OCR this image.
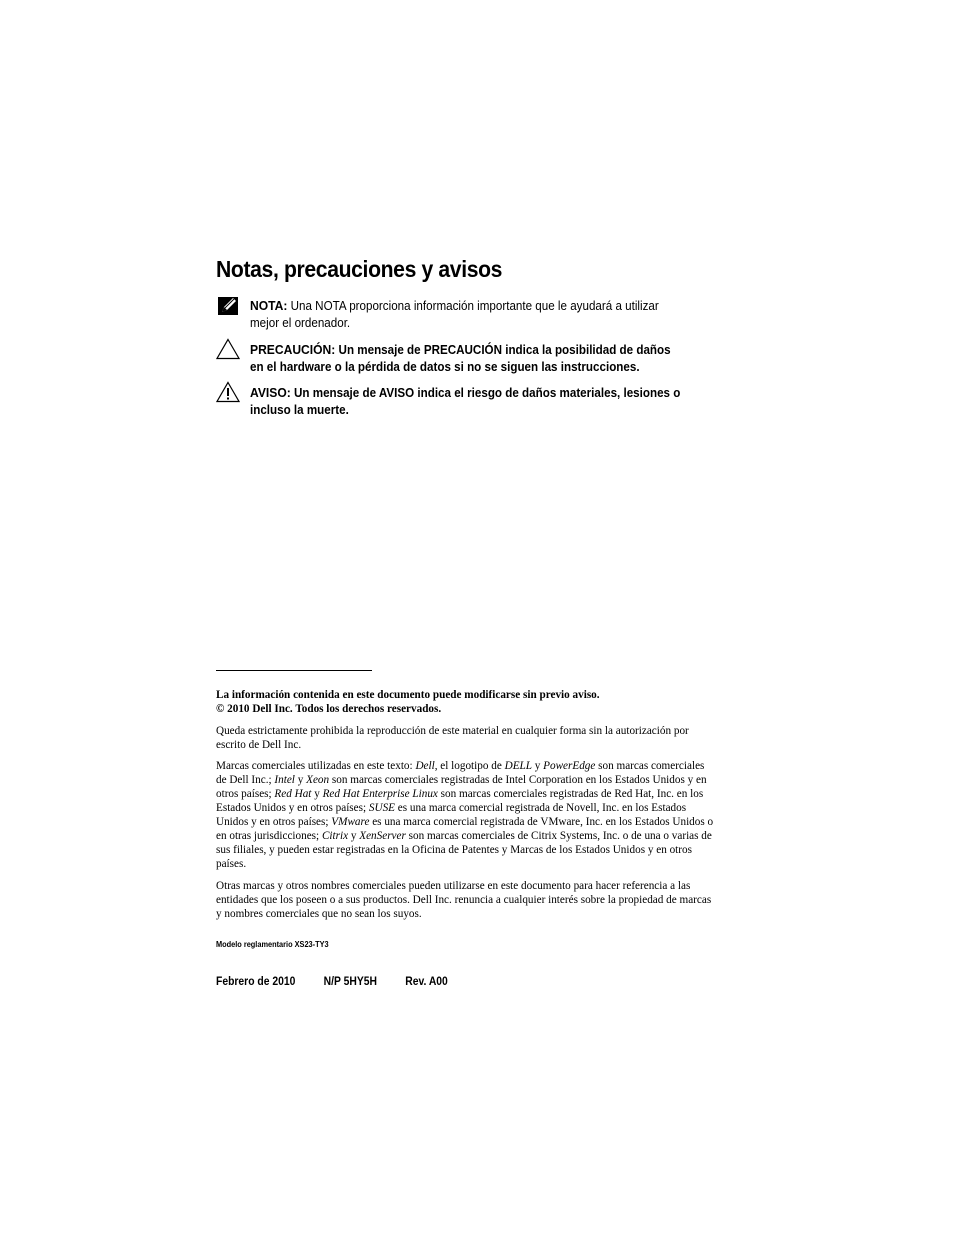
Notas, precauciones y avisos
NOTA: Una NOTA proporciona información importante que le ayudará a utilizar mejor el ordenador.
PRECAUCIÓN: Un mensaje de PRECAUCIÓN indica la posibilidad de daños en el hardware o la pérdida de datos si no se siguen las instrucciones.
AVISO: Un mensaje de AVISO indica el riesgo de daños materiales, lesiones o incluso la muerte.

La información contenida en este documento puede modificarse sin previo aviso.

© 2010 Dell Inc. Todos los derechos reservados.

Queda estrictamente prohibida la reproducción de este material en cualquier forma sin la autorización por escrito de Dell Inc.

Marcas comerciales utilizadas en este texto: Dell, el logotipo de DELL y PowerEdge son marcas comerciales de Dell Inc.; Intel y Xeon son marcas comerciales registradas de Intel Corporation en los Estados Unidos y en otros países; Red Hat y Red Hat Enterprise Linux son marcas comerciales registradas de Red Hat, Inc. en los Estados Unidos y en otros países; SUSE es una marca comercial registrada de Novell, Inc. en los Estados Unidos y en otros países; VMware es una marca comercial registrada de VMware, Inc. en los Estados Unidos o en otras jurisdicciones; Citrix y XenServer son marcas comerciales de Citrix Systems, Inc. o de una o varias de sus filiales, y pueden estar registradas en la Oficina de Patentes y Marcas de los Estados Unidos y en otros países.

Otras marcas y otros nombres comerciales pueden utilizarse en este documento para hacer referencia a las entidades que los poseen o a sus productos. Dell Inc. renuncia a cualquier interés sobre la propiedad de marcas y nombres comerciales que no sean los suyos.

Modelo reglamentario XS23-TY3
Febrero de 2010 N/P 5HY5H Rev. A00
